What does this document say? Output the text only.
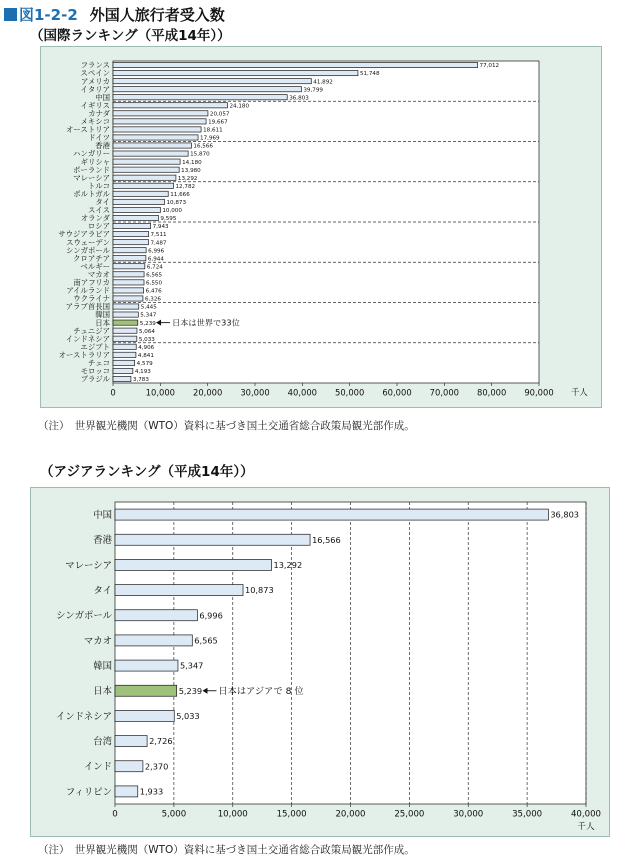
図1-2-2 外国人旅行者受入数
（国際ランキング（平成14年））
フランス	77,012
スペイン	51,748
アメリカ	41,892
イタリア	39,799
中国	36,803
イギリス	24,180
カナダ	20,057
メキシコ	19,667
オーストリア	18,611
ドイツ	17,969
香港	16,566
ハンガリー	15,870
ギリシャ	14,180
ポーランド	13,980
マレーシア	13,292
トルコ	12,782
ポルトガル	11,666
タイ	10,873
スイス	10,000
オランダ	9,595
ロシア	7,943
サウジアラビア	7,511
スウェーデン	7,487
シンガポール	6,996
クロアチア	6,944
ベルギー	6,724
マカオ	6,565
南アフリカ	6,550
アイルランド	6,476
ウクライナ	6,326
アラブ首長国	5,445
韓国	5,347
日本	5,239 日本は世界で33位
チュニジア	5,064
インドネシア	5,033
エジプト	4,906
オーストラリア	4,841
チェコ	4,579
モロッコ	4,193
ブラジル	3,783
0	10,000 20,000 30,000 40,000 50,000 60,000 70,000 80,000 90,000 千人
（注）　世界観光機関（WTO）資料に基づき国土交通省総合政策局観光部作成。
（アジアランキング（平成14年））
中国	36,803
香港	16,566
マレーシア	13,292
タイ	10,873
シンガポール	6,996
マカオ	6,565
韓国	5,347
日本	5,239 日本はアジアで 8 位
インドネシア	5,033
台湾	2,726
インド	2,370
フィリピン	1,933
0	5,000	10,000	15,000	20,000	25,000	30,000	35,000	40,000
千人
（注）　世界観光機関（WTO）資料に基づき国土交通省総合政策局観光部作成。
